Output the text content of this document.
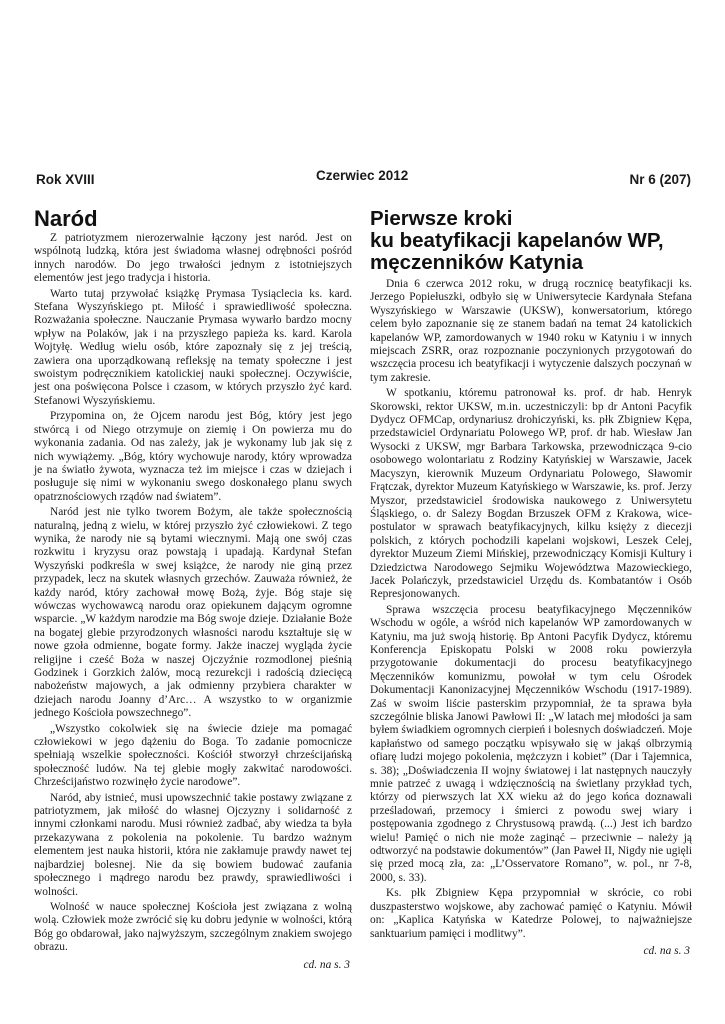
Rok XVIII	Czerwiec 2012	Nr 6 (207)
Naród

Z patriotyzmem nierozerwalnie łączony jest naród. Jest on wspólnotą ludzką, która jest świadoma własnej odrębności pośród innych narodów. Do jego trwałości jednym z istotniejszych elementów jest jego tradycja i historia.

Warto tutaj przywołać książkę Prymasa Tysiąclecia ks. kard. Stefana Wyszyńskiego pt. Miłość i sprawiedliwość społeczna. Rozważania społeczne. Nauczanie Prymasa wywarło bardzo mocny wpływ na Polaków, jak i na przyszłego papieża ks. kard. Karola Wojtyłę. Według wielu osób, które zapoznały się z jej treścią, zawiera ona uporządkowaną refleksję na tematy społeczne i jest swoistym podręcznikiem katolickiej nauki społecznej. Oczywiście, jest ona poświęcona Polsce i czasom, w których przyszło żyć kard. Stefanowi Wyszyńskiemu.

Przypomina on, że Ojcem narodu jest Bóg, który jest jego stwórcą i od Niego otrzymuje on ziemię i On powierza mu do wykonania zadania. Od nas zależy, jak je wykonamy lub jak się z nich wywiążemy. „Bóg, który wychowuje narody, który wprowadza je na światło żywota, wyznacza też im miejsce i czas w dziejach i posługuje się nimi w wykonaniu swego doskonałego planu swych opatrznościowych rządów nad światem”.

Naród jest nie tylko tworem Bożym, ale także społecznością naturalną, jedną z wielu, w której przyszło żyć człowiekowi. Z tego wynika, że narody nie są bytami wiecznymi. Mają one swój czas rozkwitu i kryzysu oraz powstają i upadają. Kardynał Stefan Wyszyński podkreśla w swej książce, że narody nie giną przez przypadek, lecz na skutek własnych grzechów. Zauważa również, że każdy naród, który zachował mowę Bożą, żyje. Bóg staje się wówczas wychowawcą narodu oraz opiekunem dającym ogromne wsparcie. „W każdym narodzie ma Bóg swoje dzieje. Działanie Boże na bogatej glebie przyrodzonych własności narodu kształtuje się w nowe gzoła odmienne, bogate formy. Jakże inaczej wygląda życie religijne i cześć Boża w naszej Ojczyźnie rozmodlonej pieśnią Godzinek i Gorzkich żalów, mocą rezurekcji i radością dziecięcą nabożeństw majowych, a jak odmienny przybiera charakter w dziejach narodu Joanny d’Arc… A wszystko to w organizmie jednego Kościoła powszechnego”.

„Wszystko cokolwiek się na świecie dzieje ma pomagać człowiekowi w jego dążeniu do Boga. To zadanie pomocnicze spełniają wszelkie społeczności. Kościół stworzył chrześcijańską społeczność ludów. Na tej glebie mogły zakwitać narodowości. Chrześcijaństwo rozwinęło życie narodowe”.

Naród, aby istnieć, musi upowszechnić takie postawy związane z patriotyzmem, jak miłość do własnej Ojczyzny i solidarność z innymi członkami narodu. Musi również zadbać, aby wiedza ta była przekazywana z pokolenia na pokolenie. Tu bardzo ważnym elementem jest nauka historii, która nie zakłamuje prawdy nawet tej najbardziej bolesnej. Nie da się bowiem budować zaufania społecznego i mądrego narodu bez prawdy, sprawiedliwości i wolności.

Wolność w nauce społecznej Kościoła jest związana z wolną wolą. Człowiek może zwrócić się ku dobru jedynie w wolności, którą Bóg go obdarował, jako najwyższym, szczególnym znakiem swojego obrazu.

cd. na s. 3
Pierwsze kroki
ku beatyfikacji kapelanów WP,
męczenników Katynia

Dnia 6 czerwca 2012 roku, w drugą rocznicę beatyfikacji ks. Jerzego Popiełuszki, odbyło się w Uniwersytecie Kardynała Stefana Wyszyńskiego w Warszawie (UKSW), konwersatorium, którego celem było zapoznanie się ze stanem badań na temat 24 katolickich kapelanów WP, zamordowanych w 1940 roku w Katyniu i w innych miejscach ZSRR, oraz rozpoznanie poczynionych przygotowań do wszczęcia procesu ich beatyfikacji i wytyczenie dalszych poczynań w tym zakresie.

W spotkaniu, któremu patronował ks. prof. dr hab. Henryk Skorowski, rektor UKSW, m.in. uczestniczyli: bp dr Antoni Pacyfik Dydycz OFMCap, ordynariusz drohiczyński, ks. płk Zbigniew Kępa, przedstawiciel Ordynariatu Polowego WP, prof. dr hab. Wiesław Jan Wysocki z UKSW, mgr Barbara Tarkowska, przewodnicząca 9-cio osobowego wolontariatu z Rodziny Katyńskiej w Warszawie, Jacek Macyszyn, kierownik Muzeum Ordynariatu Polowego, Sławomir Frątczak, dyrektor Muzeum Katyńskiego w Warszawie, ks. prof. Jerzy Myszor, przedstawiciel środowiska naukowego z Uniwersytetu Śląskiego, o. dr Salezy Bogdan Brzuszek OFM z Krakowa, wice-postulator w sprawach beatyfikacyjnych, kilku księży z diecezji polskich, z których pochodzili kapelani wojskowi, Leszek Celej, dyrektor Muzeum Ziemi Mińskiej, przewodniczący Komisji Kultury i Dziedzictwa Narodowego Sejmiku Województwa Mazowieckiego, Jacek Polańczyk, przedstawiciel Urzędu ds. Kombatantów i Osób Represjonowanych.

Sprawa wszczęcia procesu beatyfikacyjnego Męczenników Wschodu w ogóle, a wśród nich kapelanów WP zamordowanych w Katyniu, ma już swoją historię. Bp Antoni Pacyfik Dydycz, któremu Konferencja Episkopatu Polski w 2008 roku powierzyła przygotowanie dokumentacji do procesu beatyfikacyjnego Męczenników komunizmu, powołał w tym celu Ośrodek Dokumentacji Kanonizacyjnej Męczenników Wschodu (1917-1989). Zaś w swoim liście pasterskim przypomniał, że ta sprawa była szczególnie bliska Janowi Pawłowi II: „W latach mej młodości ja sam byłem świadkiem ogromnych cierpień i bolesnych doświadczeń. Moje kapłaństwo od samego początku wpisywało się w jakąś olbrzymią ofiarę ludzi mojego pokolenia, mężczyzn i kobiet” (Dar i Tajemnica, s. 38); „Doświadczenia II wojny światowej i lat następnych nauczyły mnie patrzeć z uwagą i wdzięcznością na świetlany przykład tych, którzy od pierwszych lat XX wieku aż do jego końca doznawali prześladowań, przemocy i śmierci z powodu swej wiary i postępowania zgodnego z Chrystusową prawdą. (...) Jest ich bardzo wielu! Pamięć o nich nie może zaginąć – przeciwnie – należy ją odtworzyć na podstawie dokumentów” (Jan Paweł II, Nigdy nie ugięli się przed mocą zła, za: „L’Osservatore Romano”, w. pol., nr 7-8, 2000, s. 33).

Ks. płk Zbigniew Kępa przypomniał w skrócie, co robi duszpasterstwo wojskowe, aby zachować pamięć o Katyniu. Mówił on: „Kaplica Katyńska w Katedrze Polowej, to najważniejsze sanktuarium pamięci i modlitwy”.

cd. na s. 3
